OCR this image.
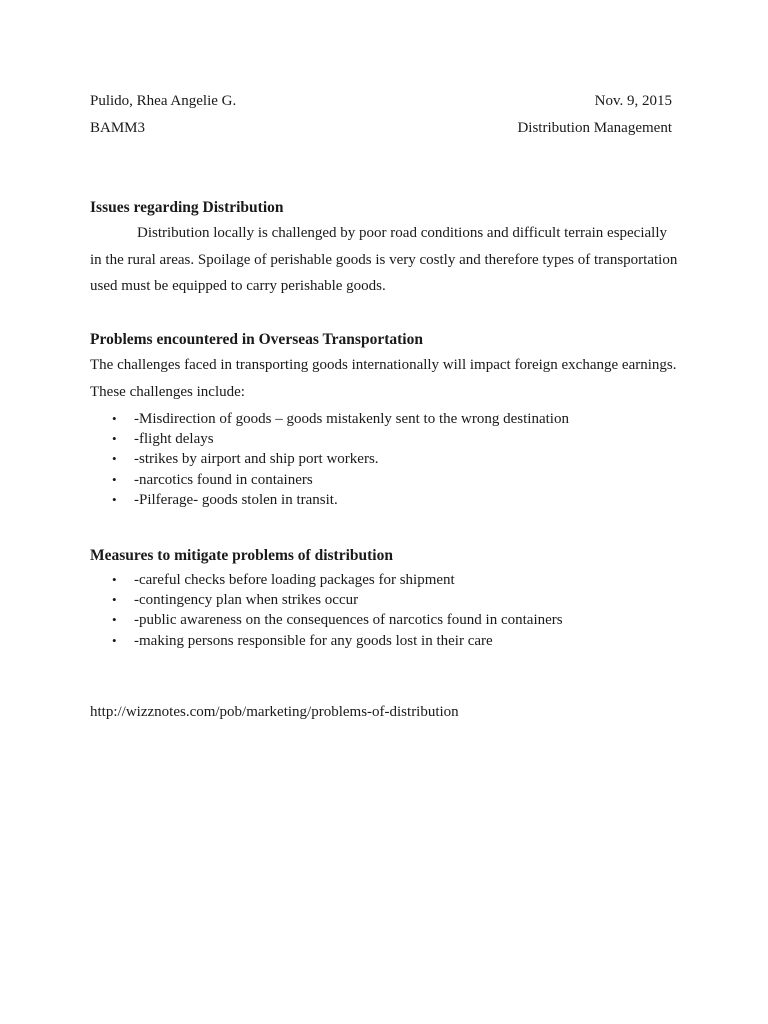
Pulido, Rhea Angelie G.	Nov. 9, 2015
BAMM3	Distribution Management

Issues regarding Distribution

Distribution locally is challenged by poor road conditions and difficult terrain especially in the rural areas. Spoilage of perishable goods is very costly and therefore types of transportation used must be equipped to carry perishable goods.

Problems encountered in Overseas Transportation

The challenges faced in transporting goods internationally will impact foreign exchange earnings. These challenges include:

• -Misdirection of goods – goods mistakenly sent to the wrong destination
• -flight delays
• -strikes by airport and ship port workers.
• -narcotics found in containers
• -Pilferage- goods stolen in transit.

Measures to mitigate problems of distribution

• -careful checks before loading packages for shipment
• -contingency plan when strikes occur
• -public awareness on the consequences of narcotics found in containers
• -making persons responsible for any goods lost in their care
http://wizznotes.com/pob/marketing/problems-of-distribution
